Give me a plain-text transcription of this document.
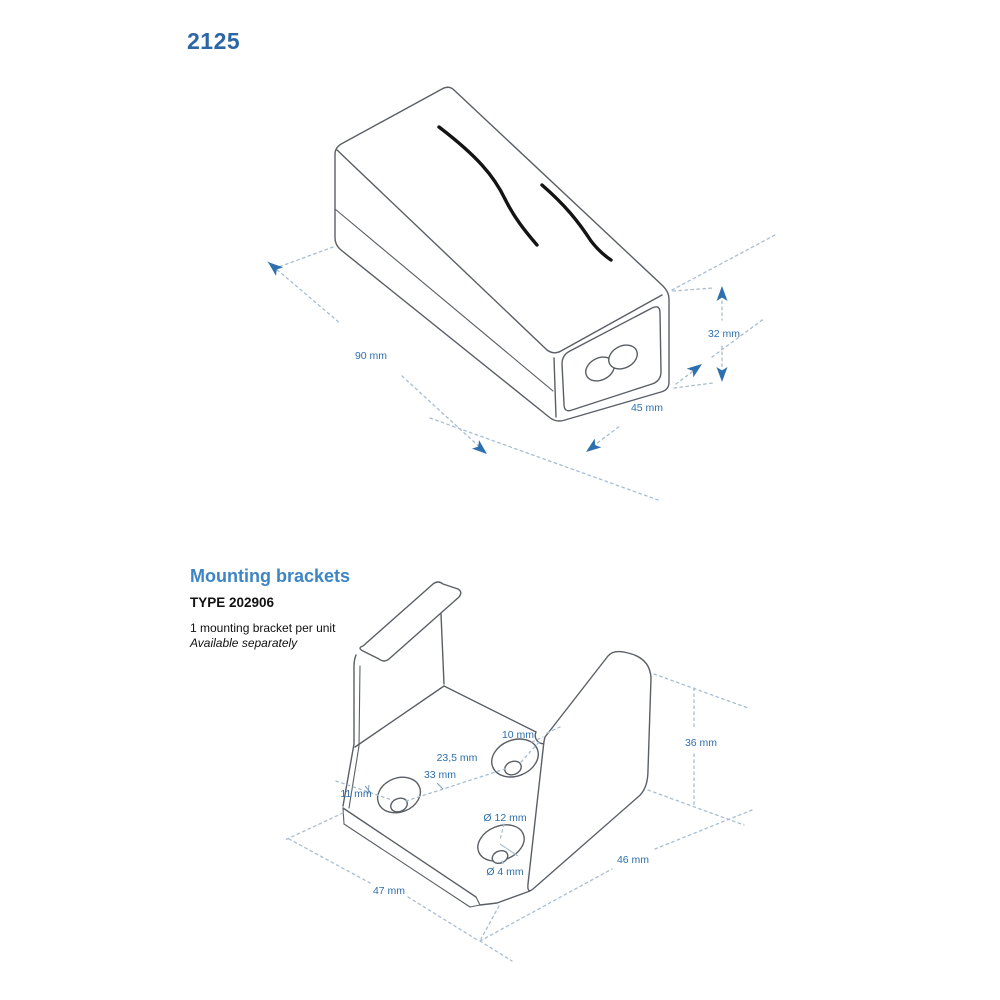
2125
90 mm
45 mm
32 mm
10 mm
23,5 mm
33 mm
11 mm
Ø 12 mm
Ø 4 mm
36 mm
46 mm
47 mm
Mounting brackets
TYPE 202906
1 mounting bracket per unit
Available separately
